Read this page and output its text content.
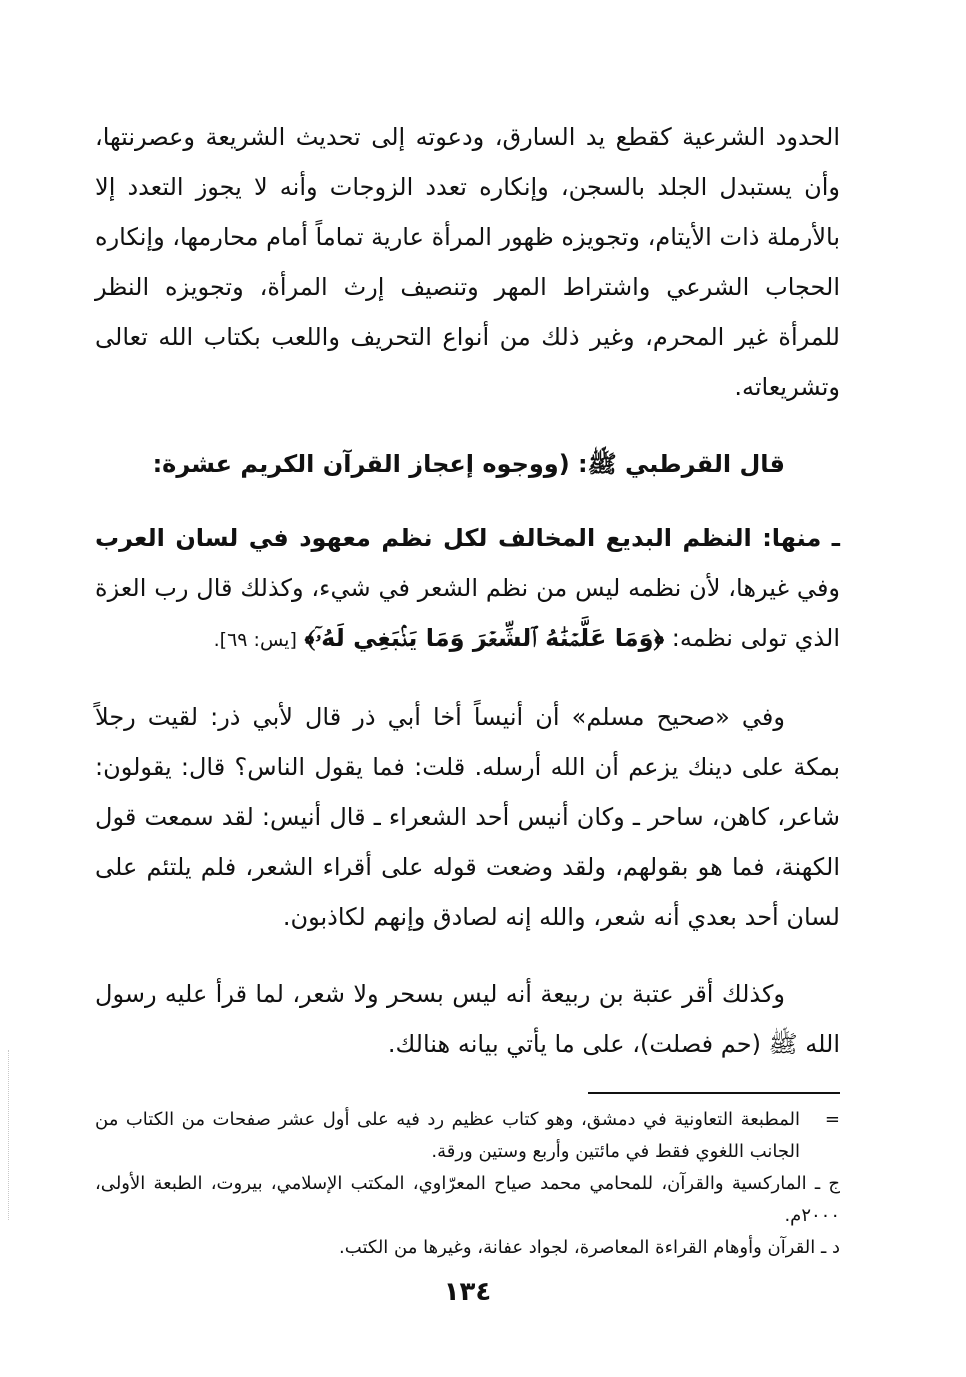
الحدود الشرعية كقطع يد السارق، ودعوته إلى تحديث الشريعة وعصرنتها، وأن يستبدل الجلد بالسجن، وإنكاره تعدد الزوجات وأنه لا يجوز التعدد إلا بالأرملة ذات الأيتام، وتجويزه ظهور المرأة عارية تماماً أمام محارمها، وإنكاره الحجاب الشرعي واشتراط المهر وتنصيف إرث المرأة، وتجويزه النظر للمرأة غير المحرم، وغير ذلك من أنواع التحريف واللعب بكتاب الله تعالى وتشريعاته.

قال القرطبي ﷺ: (ووجوه إعجاز القرآن الكريم عشرة:

ـ منها: النظم البديع المخالف لكل نظم معهود في لسان العرب وفي غيرها، لأن نظمه ليس من نظم الشعر في شيء، وكذلك قال رب العزة الذي تولى نظمه: ﴿وَمَا عَلَّمۡنَٰهُ ٱلشِّعۡرَ وَمَا يَنۢبَغِي لَهُۥٓ﴾ [يس: ٦٩].

وفي «صحيح مسلم» أن أنيساً أخا أبي ذر قال لأبي ذر: لقيت رجلاً بمكة على دينك يزعم أن الله أرسله. قلت: فما يقول الناس؟ قال: يقولون: شاعر، كاهن، ساحر ـ وكان أنيس أحد الشعراء ـ قال أنيس: لقد سمعت قول الكهنة، فما هو بقولهم، ولقد وضعت قوله على أقراء الشعر، فلم يلتئم على لسان أحد بعدي أنه شعر، والله إنه لصادق وإنهم لكاذبون.

وكذلك أقر عتبة بن ربيعة أنه ليس بسحر ولا شعر، لما قرأ عليه رسول الله ﷺ (حم فصلت)، على ما يأتي بيانه هنالك.

=
المطبعة التعاونية في دمشق، وهو كتاب عظيم رد فيه على أول عشر صفحات من الكتاب من الجانب اللغوي فقط في مائتين وأربع وستين ورقة.

ج ـ الماركسية والقرآن، للمحامي محمد صياح المعرّاوي، المكتب الإسلامي، بيروت، الطبعة الأولى، ٢٠٠٠م.

د ـ القرآن وأوهام القراءة المعاصرة، لجواد عفانة، وغيرها من الكتب.

١٣٤
